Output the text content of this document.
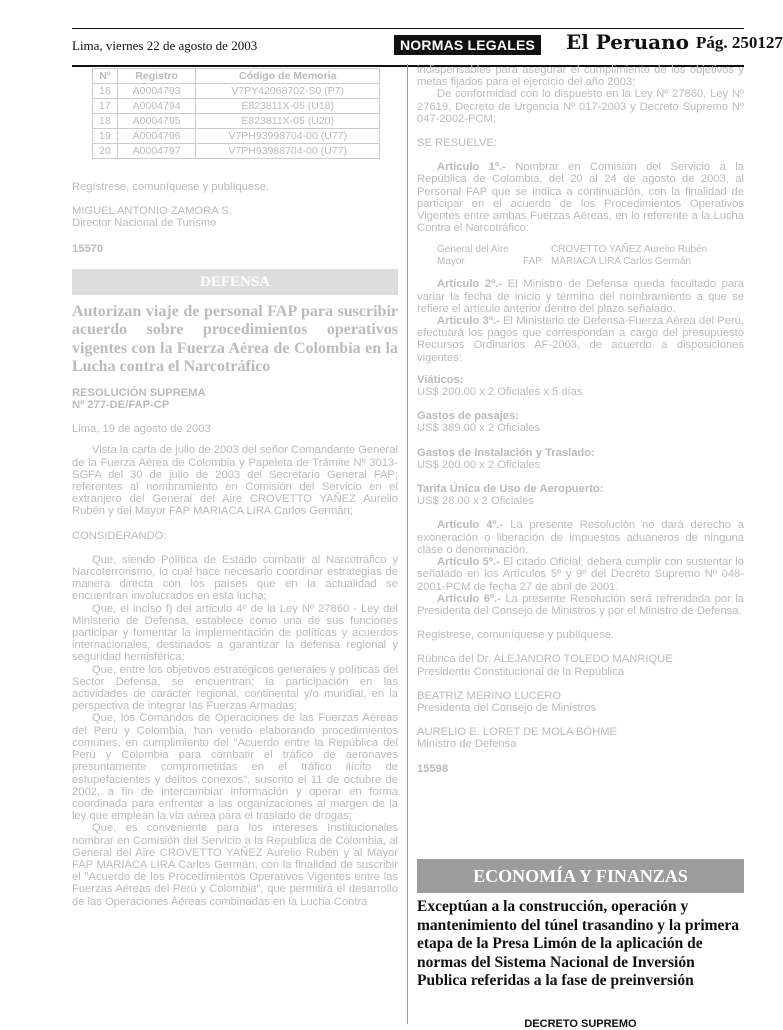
Lima, viernes 22 de agosto de 2003	NORMAS LEGALES	El Peruano Pág. 250127
Nº	Registro	Código de Memoria
16	A0004793	V7PY42068702-S0 (P7)
17	A0004794	E823811X-05 (U18)
18	A0004795	E823811X-05 (U20)
19	A0004796	V7PH93998704-00 (U77)
20	A0004797	V7PH93988704-00 (U77)

Regístrese, comuníquese y publíquese.

MIGUEL ANTONIO ZAMORA S.

Director Nacional de Turismo

15570

DEFENSA

Autorizan viaje de personal FAP para suscribir acuerdo sobre procedimientos operativos vigentes con la Fuerza Aérea de Colombia en la Lucha contra el Narcotráfico

RESOLUCIÓN SUPREMA

Nº 277-DE/FAP-CP

Lima, 19 de agosto de 2003

Vista la carta de julio de 2003 del señor Comandante General de la Fuerza Aérea de Colombia y Papeleta de Trámite Nº 3013-SGFA del 30 de julio de 2003 del Secretario General FAP; referentes al nombramiento en Comisión del Servicio en el extranjero del General del Aire CROVETTO YAÑEZ Aurelio Rubén y del Mayor FAP MARIACA LIRA Carlos Germán;

CONSIDERANDO:

Que, siendo Política de Estado combatir al Narcotráfico y Narcoterrorismo, lo cual hace necesario coordinar estrategias de manera directa con los países que en la actualidad se encuentran involucrados en esta lucha;

Que, el inciso f) del artículo 4º de la Ley Nº 27860 - Ley del Ministerio de Defensa, establece como una de sus funciones participar y fomentar la implementación de políticas y acuerdos internacionales, destinados a garantizar la defensa regional y seguridad hemisférica;

Que, entre los objetivos estratégicos generales y políticas del Sector Defensa, se encuentran; la participación en las actividades de carácter regional, continental y/o mundial, en la perspectiva de integrar las Fuerzas Armadas;

Que, los Comandos de Operaciones de las Fuerzas Aéreas del Perú y Colombia, han venido elaborando procedimientos comunes, en cumplimiento del "Acuerdo entre la República del Perú y Colombia para combatir el tráfico de aeronaves presuntamente comprometidas en el tráfico ilícito de estupefacientes y delitos conexos", suscrito el 11 de octubre de 2002, a fin de intercambiar información y operar en forma coordinada para enfrentar a las organizaciones al margen de la ley que emplean la vía aérea para el traslado de drogas;

Que, es conveniente para los intereses Institucionales nombrar en Comisión del Servicio a la República de Colombia, al General del Aire CROVETTO YAÑEZ Aurelio Rubén y al Mayor FAP MARIACA LIRA Carlos Germán, con la finalidad de suscribir el "Acuerdo de los Procedimientos Operativos Vigentes entre las Fuerzas Aéreas del Perú y Colombia", que permitirá el desarrollo de las Operaciones Aéreas combinadas en la Lucha Contra

indispensables para asegurar el cumplimiento de los objetivos y metas fijados para el ejercicio del año 2003;

De conformidad con lo dispuesto en la Ley Nº 27860, Ley Nº 27619, Decreto de Urgencia Nº 017-2003 y Decreto Supremo Nº 047-2002-PCM;

SE RESUELVE:

Artículo 1º.- Nombrar en Comisión del Servicio a la República de Colombia, del 20 al 24 de agosto de 2003, al Personal FAP que se indica a continuación, con la finalidad de participar en el acuerdo de los Procedimientos Operativos Vigentes entre ambas Fuerzas Aéreas, en lo referente a la Lucha Contra el Narcotráfico:

General del Aire	CROVETTO YAÑEZ Aurelio Rubén
Mayor	FAP MARIACA LIRA Carlos Germán

Artículo 2º.- El Ministro de Defensa queda facultado para variar la fecha de inicio y término del nombramiento a que se refiere el artículo anterior dentro del plazo señalado.

Artículo 3º.- El Ministerio de Defensa-Fuerza Aérea del Perú, efectuará los pagos que correspondan a cargo del presupuesto Recursos Ordinarios AF-2003, de acuerdo a disposiciones vigentes:

Viáticos:

US$ 200.00 x 2 Oficiales x 5 días

Gastos de pasajes:

US$ 389.00 x 2 Oficiales

Gastos de Instalación y Traslado:

US$ 200.00 x 2 Oficiales

Tarifa Única de Uso de Aeropuerto:

US$ 28.00 x 2 Oficiales

Artículo 4º.- La presente Resolución no dará derecho a exoneración o liberación de impuestos aduaneros de ninguna clase o denominación.

Artículo 5º.- El citado Oficial, deberá cumplir con sustentar lo señalado en los Artículos 5º y 9º del Decreto Supremo Nº 048-2001-PCM de fecha 27 de abril de 2001.

Artículo 6º.- La presente Resolución será refrendada por la Presidenta del Consejo de Ministros y por el Ministro de Defensa.

Regístrese, comuníquese y publíquese.

Rúbrica del Dr. ALEJANDRO TOLEDO MANRIQUE

Presidente Constitucional de la República

BEATRIZ MERINO LUCERO

Presidenta del Consejo de Ministros

AURELIO E. LORET DE MOLA BÖHME

Ministro de Defensa

15598

ECONOMÍA Y FINANZAS

Exceptúan a la construcción, operación y mantenimiento del túnel trasandino y la primera etapa de la Presa Limón de la aplicación de normas del Sistema Nacional de Inversión Publica referidas a la fase de preinversión

DECRETO SUPREMO
